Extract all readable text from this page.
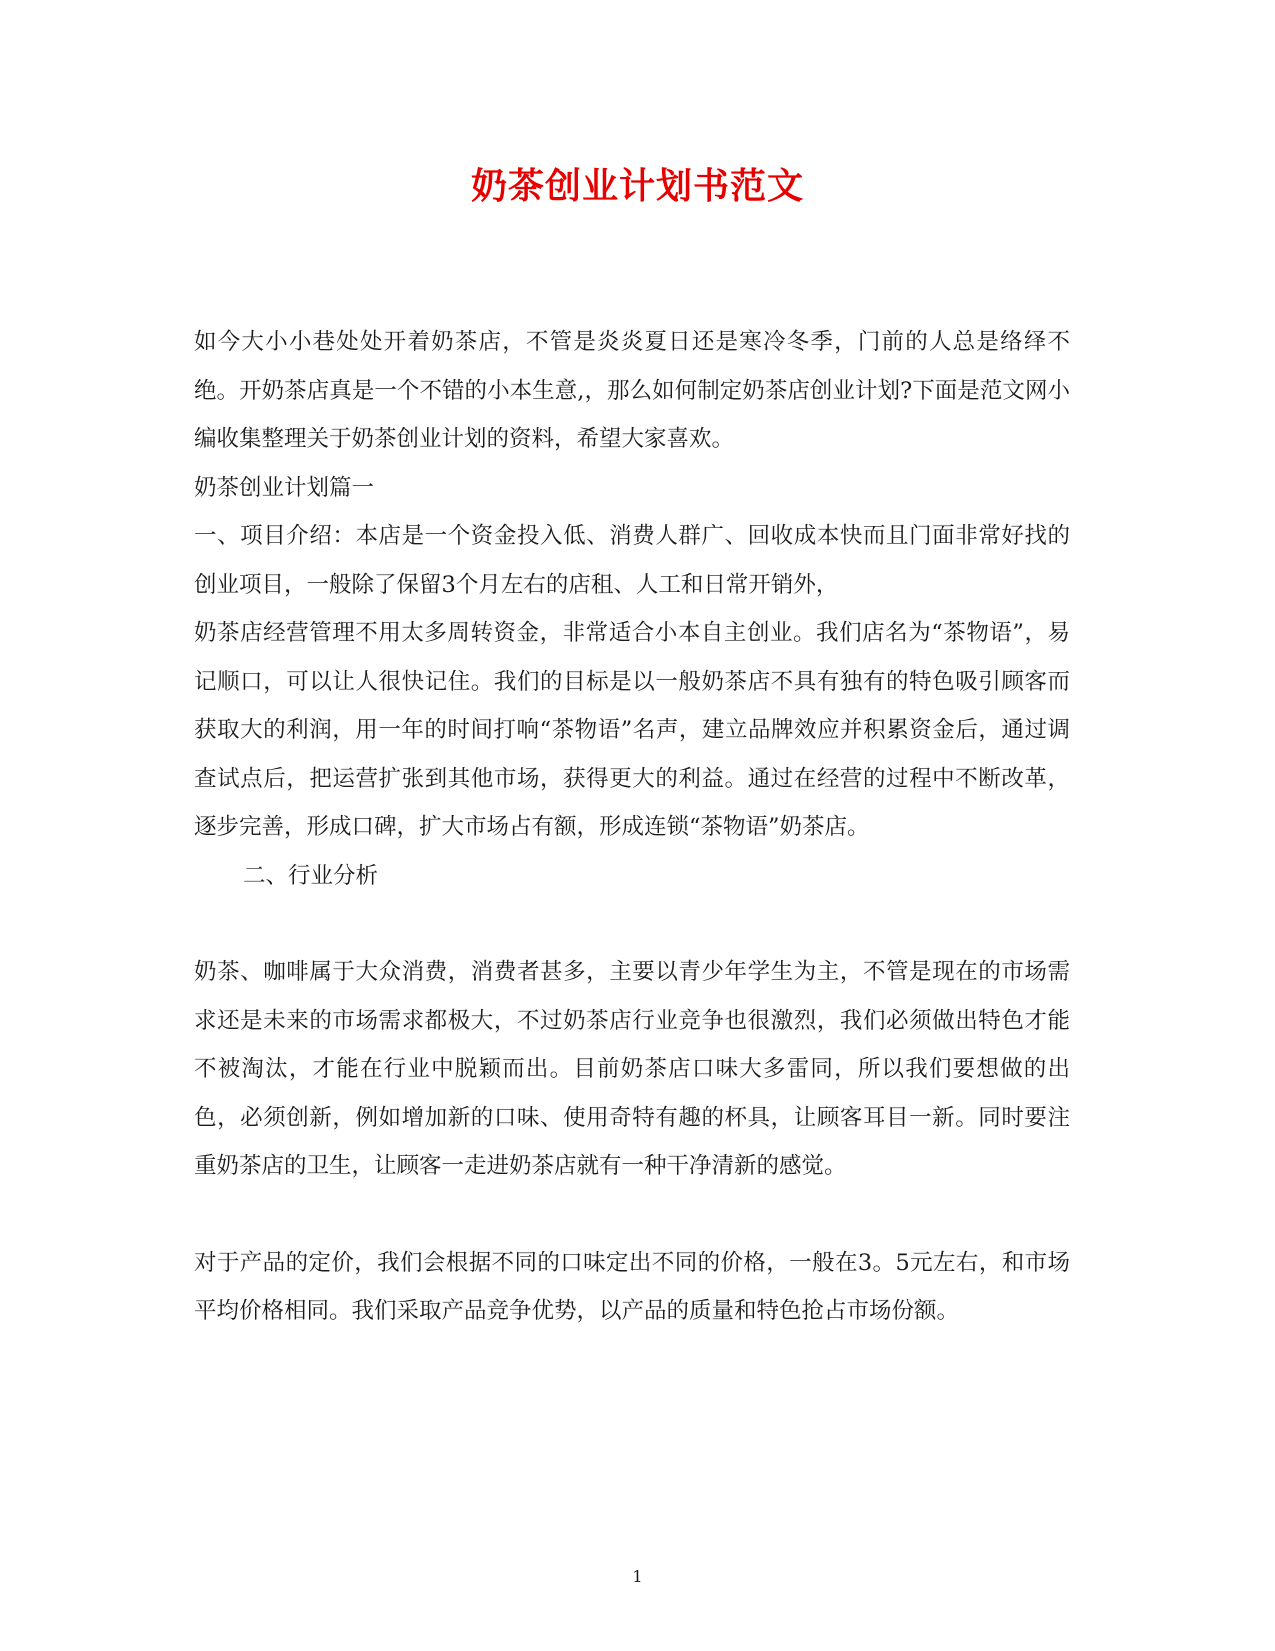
奶茶创业计划书范文

如今大小小巷处处开着奶茶店，不管是炎炎夏日还是寒冷冬季，门前的人总是络绎不绝。开奶茶店真是一个不错的小本生意,，那么如何制定奶茶店创业计划?下面是范文网小编收集整理关于奶茶创业计划的资料，希望大家喜欢。

奶茶创业计划篇一

一、项目介绍：本店是一个资金投入低、消费人群广、回收成本快而且门面非常好找的创业项目，一般除了保留3个月左右的店租、人工和日常开销外，

奶茶店经营管理不用太多周转资金，非常适合小本自主创业。我们店名为“茶物语”，易记顺口，可以让人很快记住。我们的目标是以一般奶茶店不具有独有的特色吸引顾客而获取大的利润，用一年的时间打响“茶物语”名声，建立品牌效应并积累资金后，通过调查试点后，把运营扩张到其他市场，获得更大的利益。通过在经营的过程中不断改革，逐步完善，形成口碑，扩大市场占有额，形成连锁“茶物语”奶茶店。

二、行业分析

奶茶、咖啡属于大众消费，消费者甚多，主要以青少年学生为主，不管是现在的市场需求还是未来的市场需求都极大，不过奶茶店行业竞争也很激烈，我们必须做出特色才能不被淘汰，才能在行业中脱颖而出。目前奶茶店口味大多雷同，所以我们要想做的出色，必须创新，例如增加新的口味、使用奇特有趣的杯具，让顾客耳目一新。同时要注重奶茶店的卫生，让顾客一走进奶茶店就有一种干净清新的感觉。

对于产品的定价，我们会根据不同的口味定出不同的价格，一般在3。5元左右，和市场平均价格相同。我们采取产品竞争优势，以产品的质量和特色抢占市场份额。

1
